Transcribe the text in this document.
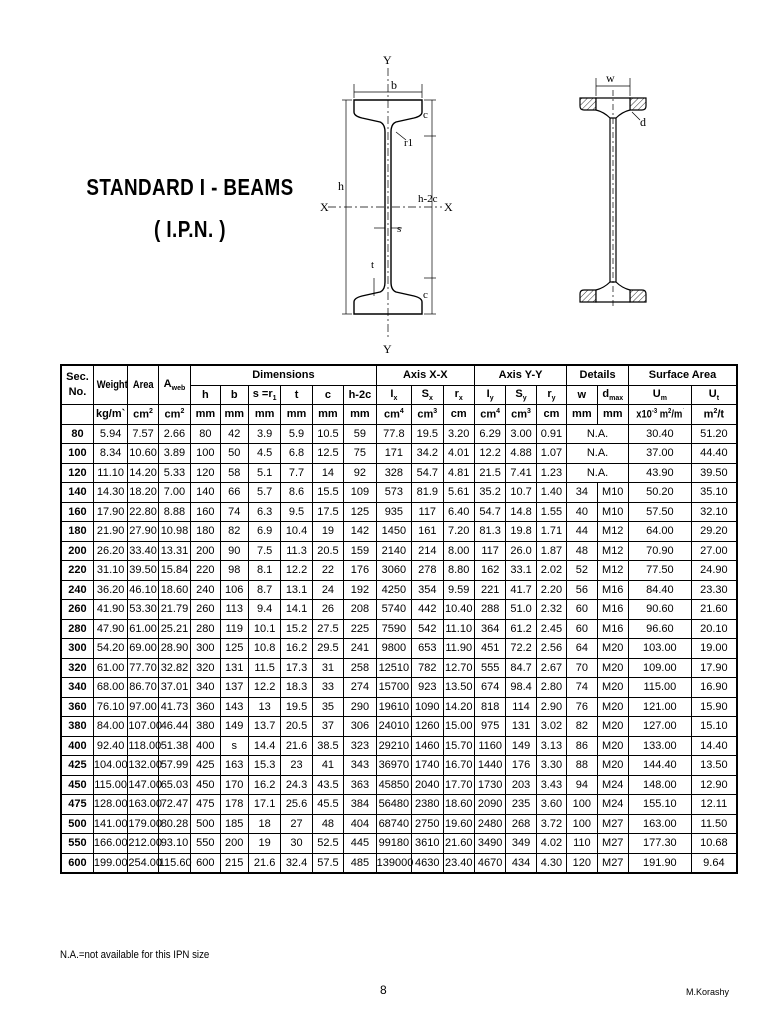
STANDARD I - BEAMS
( I.P.N. )
Y
b
c
r1
h
h-2c
X	X
s
t
c
Y
w
d
Sec. No.	Weight	Area	$A_{web}$	Dimensions						Axis X-X			Axis Y-Y			Details		Surface Area	
				h	b	$s =r_1$	t	c	h-2c	$I_x$	$S_x$	$r_x$	$I_y$	$S_y$	$r_y$	w	$d_{max}$	$U_m$	$U_t$
	kg/m`	$cm^2$	$cm^2$	mm	mm	mm	mm	mm	mm	$cm^4$	$cm^3$	cm	$cm^4$	$cm^3$	cm	mm	mm	$x10^{-3}$ $m^2/m^`$	$m^2/t$
80	5.94	7.57	2.66	80	42	3.9	5.9	10.5	59	77.8	19.5	3.20	6.29	3.00	0.91	N.A.		30.40	51.20
100	8.34	10.60	3.89	100	50	4.5	6.8	12.5	75	171	34.2	4.01	12.2	4.88	1.07	N.A.		37.00	44.40
120	11.10	14.20	5.33	120	58	5.1	7.7	14	92	328	54.7	4.81	21.5	7.41	1.23	N.A.		43.90	39.50
140	14.30	18.20	7.00	140	66	5.7	8.6	15.5	109	573	81.9	5.61	35.2	10.7	1.40	34	M10	50.20	35.10
160	17.90	22.80	8.88	160	74	6.3	9.5	17.5	125	935	117	6.40	54.7	14.8	1.55	40	M10	57.50	32.10
180	21.90	27.90	10.98	180	82	6.9	10.4	19	142	1450	161	7.20	81.3	19.8	1.71	44	M12	64.00	29.20
200	26.20	33.40	13.31	200	90	7.5	11.3	20.5	159	2140	214	8.00	117	26.0	1.87	48	M12	70.90	27.00
220	31.10	39.50	15.84	220	98	8.1	12.2	22	176	3060	278	8.80	162	33.1	2.02	52	M12	77.50	24.90
240	36.20	46.10	18.60	240	106	8.7	13.1	24	192	4250	354	9.59	221	41.7	2.20	56	M16	84.40	23.30
260	41.90	53.30	21.79	260	113	9.4	14.1	26	208	5740	442	10.40	288	51.0	2.32	60	M16	90.60	21.60
280	47.90	61.00	25.21	280	119	10.1	15.2	27.5	225	7590	542	11.10	364	61.2	2.45	60	M16	96.60	20.10
300	54.20	69.00	28.90	300	125	10.8	16.2	29.5	241	9800	653	11.90	451	72.2	2.56	64	M20	103.00	19.00
320	61.00	77.70	32.82	320	131	11.5	17.3	31	258	12510	782	12.70	555	84.7	2.67	70	M20	109.00	17.90
340	68.00	86.70	37.01	340	137	12.2	18.3	33	274	15700	923	13.50	674	98.4	2.80	74	M20	115.00	16.90
360	76.10	97.00	41.73	360	143	13	19.5	35	290	19610	1090	14.20	818	114	2.90	76	M20	121.00	15.90
380	84.00	107.00	46.44	380	149	13.7	20.5	37	306	24010	1260	15.00	975	131	3.02	82	M20	127.00	15.10
400	92.40	118.00	51.38	400	s	14.4	21.6	38.5	323	29210	1460	15.70	1160	149	3.13	86	M20	133.00	14.40
425	104.00	132.00	57.99	425	163	15.3	23	41	343	36970	1740	16.70	1440	176	3.30	88	M20	144.40	13.50
450	115.00	147.00	65.03	450	170	16.2	24.3	43.5	363	45850	2040	17.70	1730	203	3.43	94	M24	148.00	12.90
475	128.00	163.00	72.47	475	178	17.1	25.6	45.5	384	56480	2380	18.60	2090	235	3.60	100	M24	155.10	12.11
500	141.00	179.00	80.28	500	185	18	27	48	404	68740	2750	19.60	2480	268	3.72	100	M27	163.00	11.50
550	166.00	212.00	93.10	550	200	19	30	52.5	445	99180	3610	21.60	3490	349	4.02	110	M27	177.30	10.68
600	199.00	254.00	115.60	600	215	21.6	32.4	57.5	485	139000	4630	23.40	4670	434	4.30	120	M27	191.90	9.64
N.A.=not available for this IPN size
8	M.Korashy
